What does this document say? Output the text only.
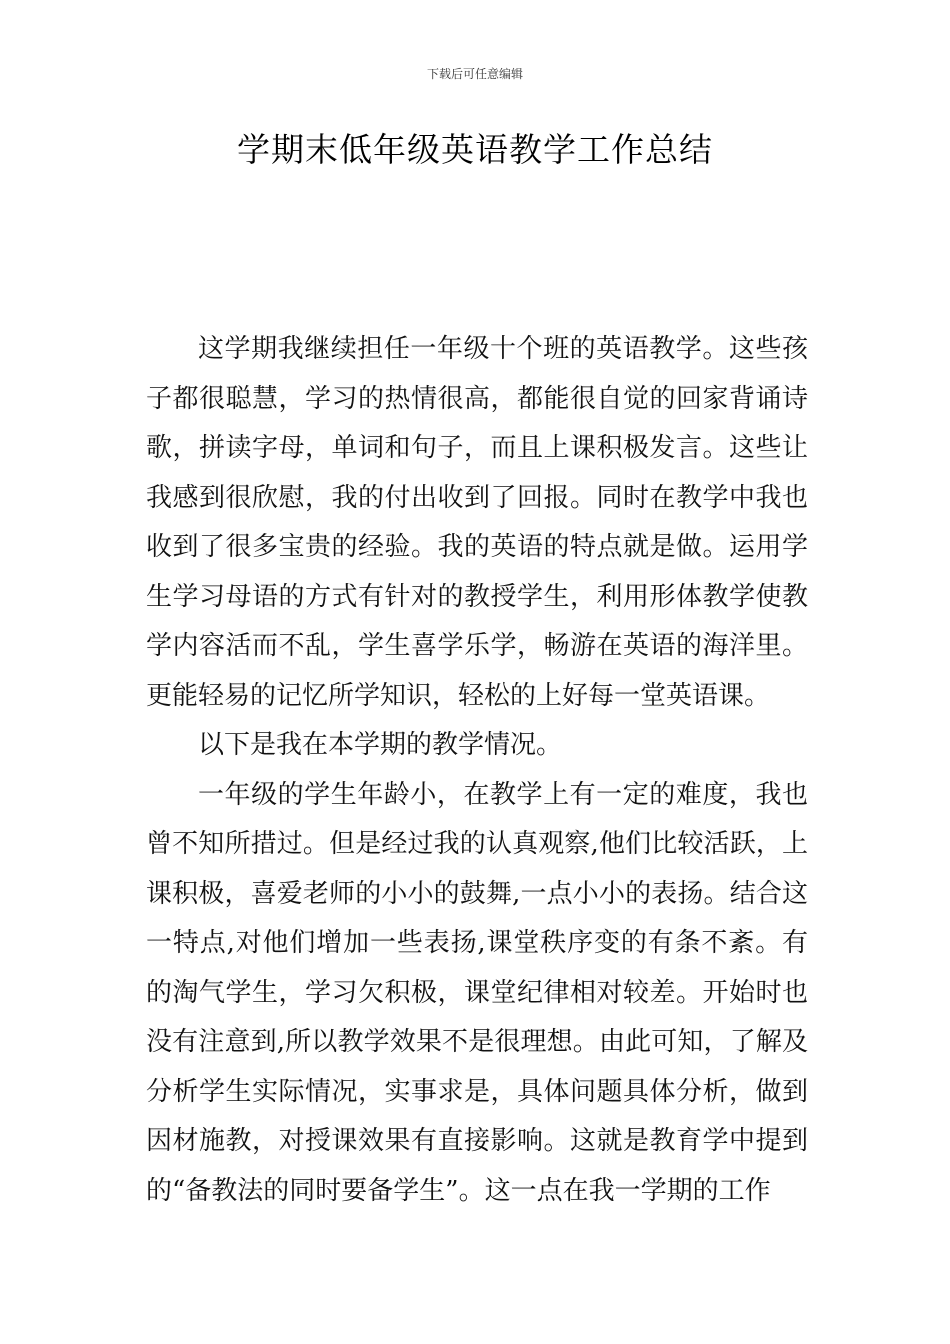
下载后可任意编辑
学期末低年级英语教学工作总结

这学期我继续担任一年级十个班的英语教学。这些孩子都很聪慧，学习的热情很高，都能很自觉的回家背诵诗歌，拼读字母，单词和句子，而且上课积极发言。这些让我感到很欣慰，我的付出收到了回报。同时在教学中我也收到了很多宝贵的经验。我的英语的特点就是做。运用学生学习母语的方式有针对的教授学生，利用形体教学使教学内容活而不乱，学生喜学乐学，畅游在英语的海洋里。更能轻易的记忆所学知识，轻松的上好每一堂英语课。

以下是我在本学期的教学情况。

一年级的学生年龄小，在教学上有一定的难度，我也曾不知所措过。但是经过我的认真观察,他们比较活跃，上课积极，喜爱老师的小小的鼓舞,一点小小的表扬。结合这一特点,对他们增加一些表扬,课堂秩序变的有条不紊。有的淘气学生，学习欠积极，课堂纪律相对较差。开始时也没有注意到,所以教学效果不是很理想。由此可知，了解及分析学生实际情况，实事求是，具体问题具体分析，做到因材施教，对授课效果有直接影响。这就是教育学中提到的“备教法的同时要备学生”。这一点在我一学期的工作
